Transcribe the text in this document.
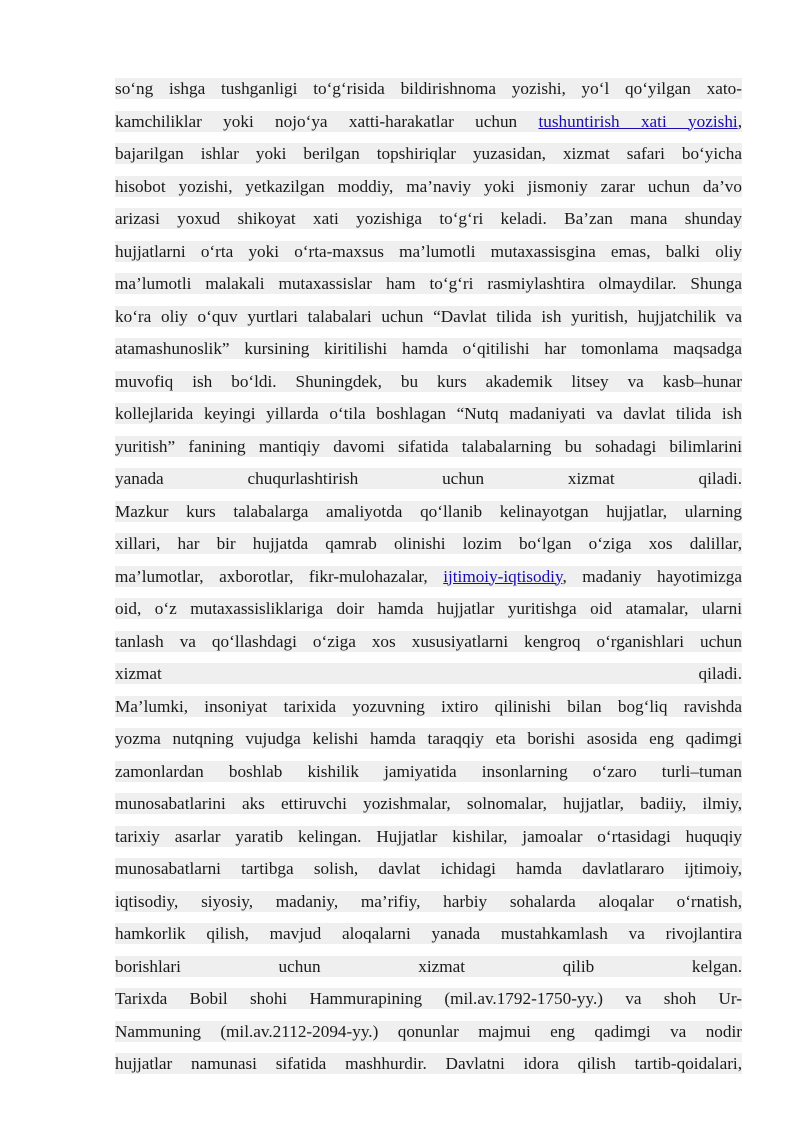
so‘ng ishga tushganligi to‘g‘risida bildirishnoma yozishi, yo‘l qo‘yilgan xato-
kamchiliklar yoki nojo‘ya xatti-harakatlar uchun tushuntirish xati yozishi,
bajarilgan ishlar yoki berilgan topshiriqlar yuzasidan, xizmat safari bo‘yicha
hisobot yozishi, yetkazilgan moddiy, ma’naviy yoki jismoniy zarar uchun da’vo
arizasi yoxud shikoyat xati yozishiga to‘g‘ri keladi. Ba’zan mana shunday
hujjatlarni o‘rta yoki o‘rta-maxsus ma’lumotli mutaxassisgina emas, balki oliy
ma’lumotli malakali mutaxassislar ham to‘g‘ri rasmiylashtira olmaydilar. Shunga
ko‘ra oliy o‘quv yurtlari talabalari uchun “Davlat tilida ish yuritish, hujjatchilik va
atamashunoslik” kursining kiritilishi hamda o‘qitilishi har tomonlama maqsadga
muvofiq ish bo‘ldi. Shuningdek, bu kurs akademik litsey va kasb–hunar
kollejlarida keyingi yillarda o‘tila boshlagan “Nutq madaniyati va davlat tilida ish
yuritish” fanining mantiqiy davomi sifatida talabalarning bu sohadagi bilimlarini
yanada chuqurlashtirish uchun xizmat qiladi.
Mazkur kurs talabalarga amaliyotda qo‘llanib kelinayotgan hujjatlar, ularning
xillari, har bir hujjatda qamrab olinishi lozim bo‘lgan o‘ziga xos dalillar,
ma’lumotlar, axborotlar, fikr-mulohazalar, ijtimoiy-iqtisodiy, madaniy hayotimizga
oid, o‘z mutaxassisliklariga doir hamda hujjatlar yuritishga oid atamalar, ularni
tanlash va qo‘llashdagi o‘ziga xos xususiyatlarni kengroq o‘rganishlari uchun
xizmat qiladi.
Ma’lumki, insoniyat tarixida yozuvning ixtiro qilinishi bilan bog‘liq ravishda
yozma nutqning vujudga kelishi hamda taraqqiy eta borishi asosida eng qadimgi
zamonlardan boshlab kishilik jamiyatida insonlarning o‘zaro turli–tuman
munosabatlarini aks ettiruvchi yozishmalar, solnomalar, hujjatlar, badiiy, ilmiy,
tarixiy asarlar yaratib kelingan. Hujjatlar kishilar, jamoalar o‘rtasidagi huquqiy
munosabatlarni tartibga solish, davlat ichidagi hamda davlatlararo ijtimoiy,
iqtisodiy, siyosiy, madaniy, ma’rifiy, harbiy sohalarda aloqalar o‘rnatish,
hamkorlik qilish, mavjud aloqalarni yanada mustahkamlash va rivojlantira
borishlari uchun xizmat qilib kelgan.
Tarixda Bobil shohi Hammurapining (mil.av.1792-1750-yy.) va shoh Ur-
Nammuning (mil.av.2112-2094-yy.) qonunlar majmui eng qadimgi va nodir
hujjatlar namunasi sifatida mashhurdir. Davlatni idora qilish tartib-qoidalari,
